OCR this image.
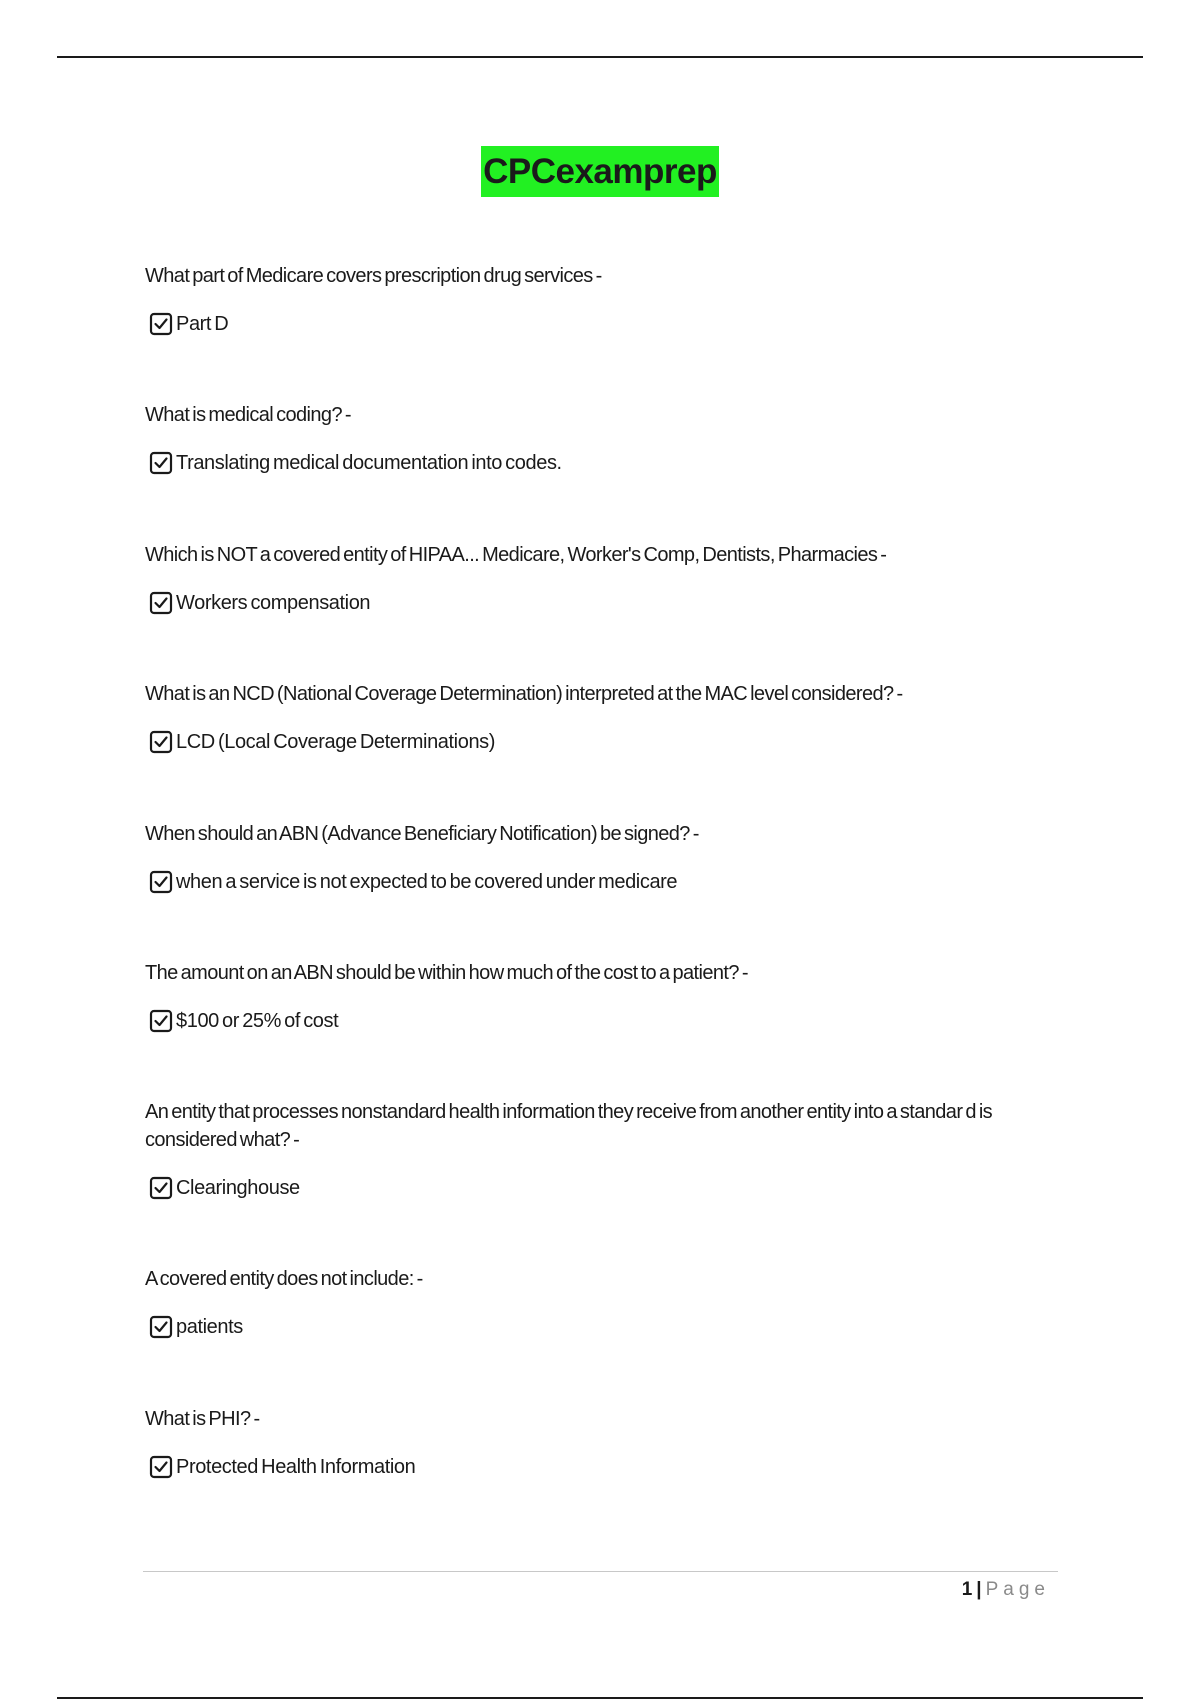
CPCexamprep

What part of Medicare covers prescription drug services -

Part D

What is medical coding? -

Translating medical documentation into codes.

Which is NOT a covered entity of HIPAA... Medicare, Worker's Comp, Dentists, Pharmacies -

Workers compensation

What is an NCD (National Coverage Determination) interpreted at the MAC level considered? -

LCD (Local Coverage Determinations)

When should an ABN (Advance Beneficiary Notification) be signed? -

when a service is not expected to be covered under medicare

The amount on an ABN should be within how much of the cost to a patient? -

$100 or 25% of cost

An entity that processes nonstandard health information they receive from another entity into a standar d is considered what? -

Clearinghouse

A covered entity does not include: -

patients

What is PHI? -

Protected Health Information
1 | Page
